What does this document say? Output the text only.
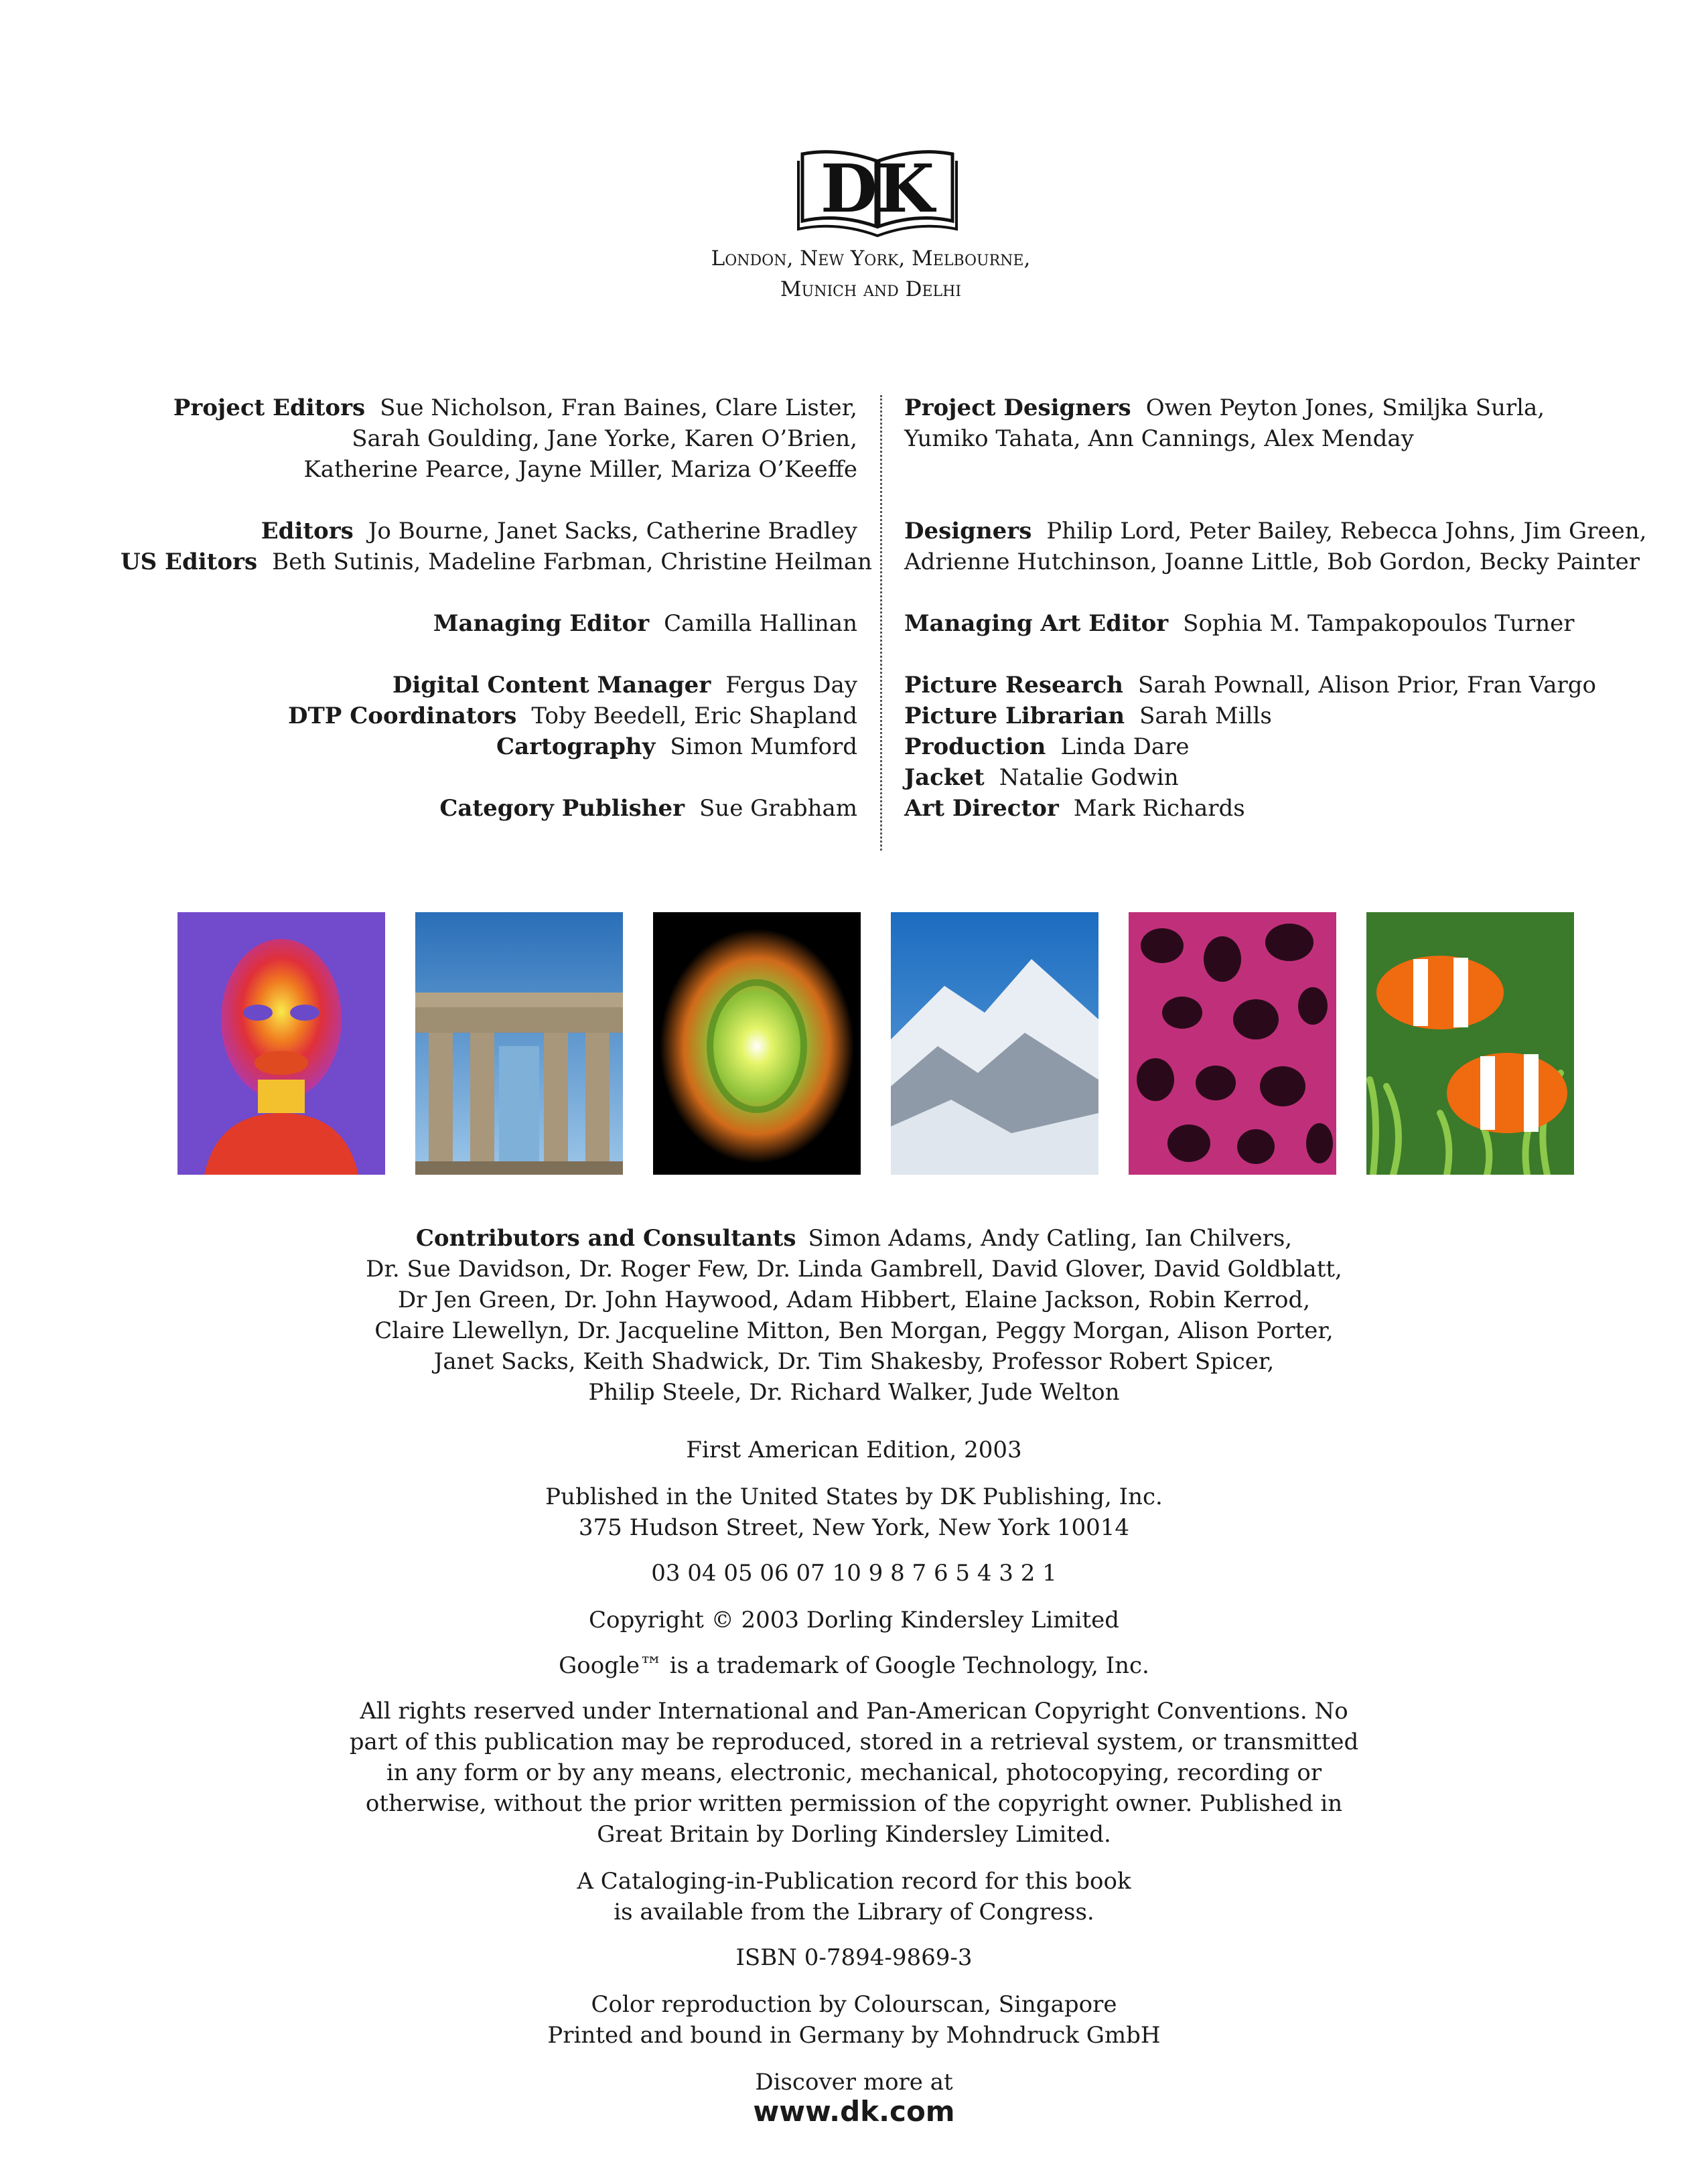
DK
London, New York, Melbourne,
Munich and Delhi
Contributors and Consultants Simon Adams, Andy Catling, Ian Chilvers,
Dr. Sue Davidson, Dr. Roger Few, Dr. Linda Gambrell, David Glover, David Goldblatt,
Dr Jen Green, Dr. John Haywood, Adam Hibbert, Elaine Jackson, Robin Kerrod,
Claire Llewellyn, Dr. Jacqueline Mitton, Ben Morgan, Peggy Morgan, Alison Porter,
Janet Sacks, Keith Shadwick, Dr. Tim Shakesby, Professor Robert Spicer,
Philip Steele, Dr. Richard Walker, Jude Welton
First American Edition, 2003
Published in the United States by DK Publishing, Inc.
375 Hudson Street, New York, New York 10014
03 04 05 06 07 10 9 8 7 6 5 4 3 2 1
Copyright © 2003 Dorling Kindersley Limited
Google™ is a trademark of Google Technology, Inc.
All rights reserved under International and Pan-American Copyright Conventions. No
part of this publication may be reproduced, stored in a retrieval system, or transmitted
in any form or by any means, electronic, mechanical, photocopying, recording or
otherwise, without the prior written permission of the copyright owner. Published in
Great Britain by Dorling Kindersley Limited.
A Cataloging-in-Publication record for this book
is available from the Library of Congress.
ISBN 0-7894-9869-3
Color reproduction by Colourscan, Singapore
Printed and bound in Germany by Mohndruck GmbH
Discover more at
www.dk.com
Project Editors Sue Nicholson, Fran Baines, Clare Lister,
Sarah Goulding, Jane Yorke, Karen O’Brien,
Katherine Pearce, Jayne Miller, Mariza O’Keeffe
Editors Jo Bourne, Janet Sacks, Catherine Bradley
US Editors Beth Sutinis, Madeline Farbman, Christine Heilman
Managing Editor Camilla Hallinan
Digital Content Manager Fergus Day
DTP Coordinators Toby Beedell, Eric Shapland
Cartography Simon Mumford
Category Publisher Sue Grabham
Project Designers Owen Peyton Jones, Smiljka Surla,
Yumiko Tahata, Ann Cannings, Alex Menday
Designers Philip Lord, Peter Bailey, Rebecca Johns, Jim Green,
Adrienne Hutchinson, Joanne Little, Bob Gordon, Becky Painter
Managing Art Editor Sophia M. Tampakopoulos Turner
Picture Research Sarah Pownall, Alison Prior, Fran Vargo
Picture Librarian Sarah Mills
Production Linda Dare
Jacket Natalie Godwin
Art Director Mark Richards
